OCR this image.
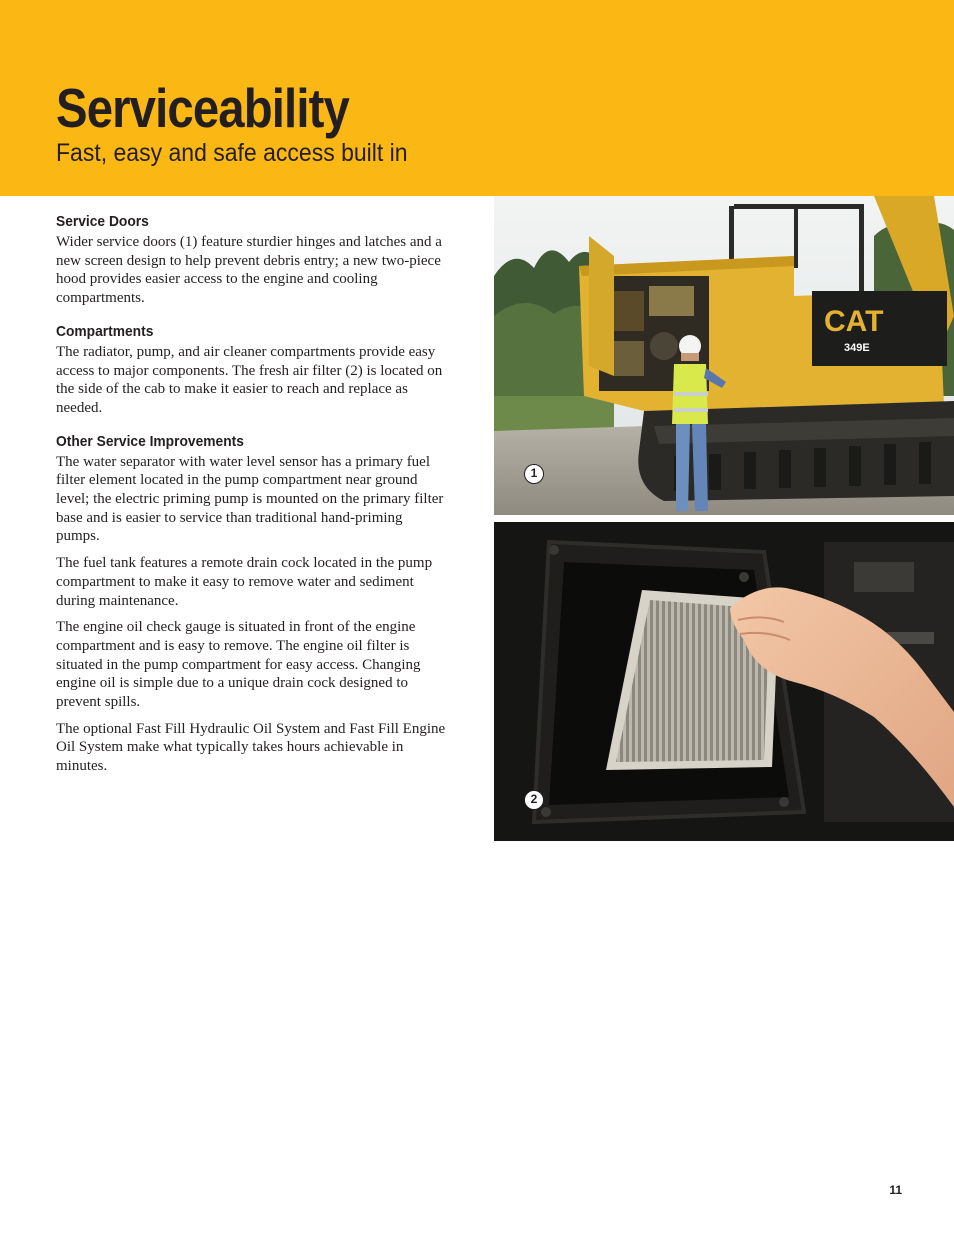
Serviceability
Fast, easy and safe access built in
Service Doors

Wider service doors (1) feature sturdier hinges and latches and a new screen design to help prevent debris entry; a new two-piece hood provides easier access to the engine and cooling compartments.

Compartments

The radiator, pump, and air cleaner compartments provide easy access to major components. The fresh air filter (2) is located on the side of the cab to make it easier to reach and replace as needed.

Other Service Improvements

The water separator with water level sensor has a primary fuel filter element located in the pump compartment near ground level; the electric priming pump is mounted on the primary filter base and is easier to service than traditional hand-priming pumps.

The fuel tank features a remote drain cock located in the pump compartment to make it easy to remove water and sediment during maintenance.

The engine oil check gauge is situated in front of the engine compartment and is easy to remove. The engine oil filter is situated in the pump compartment for easy access. Changing engine oil is simple due to a unique drain cock designed to prevent spills.

The optional Fast Fill Hydraulic Oil System and Fast Fill Engine Oil System make what typically takes hours achievable in minutes.

CAT
349E
1
2
11
